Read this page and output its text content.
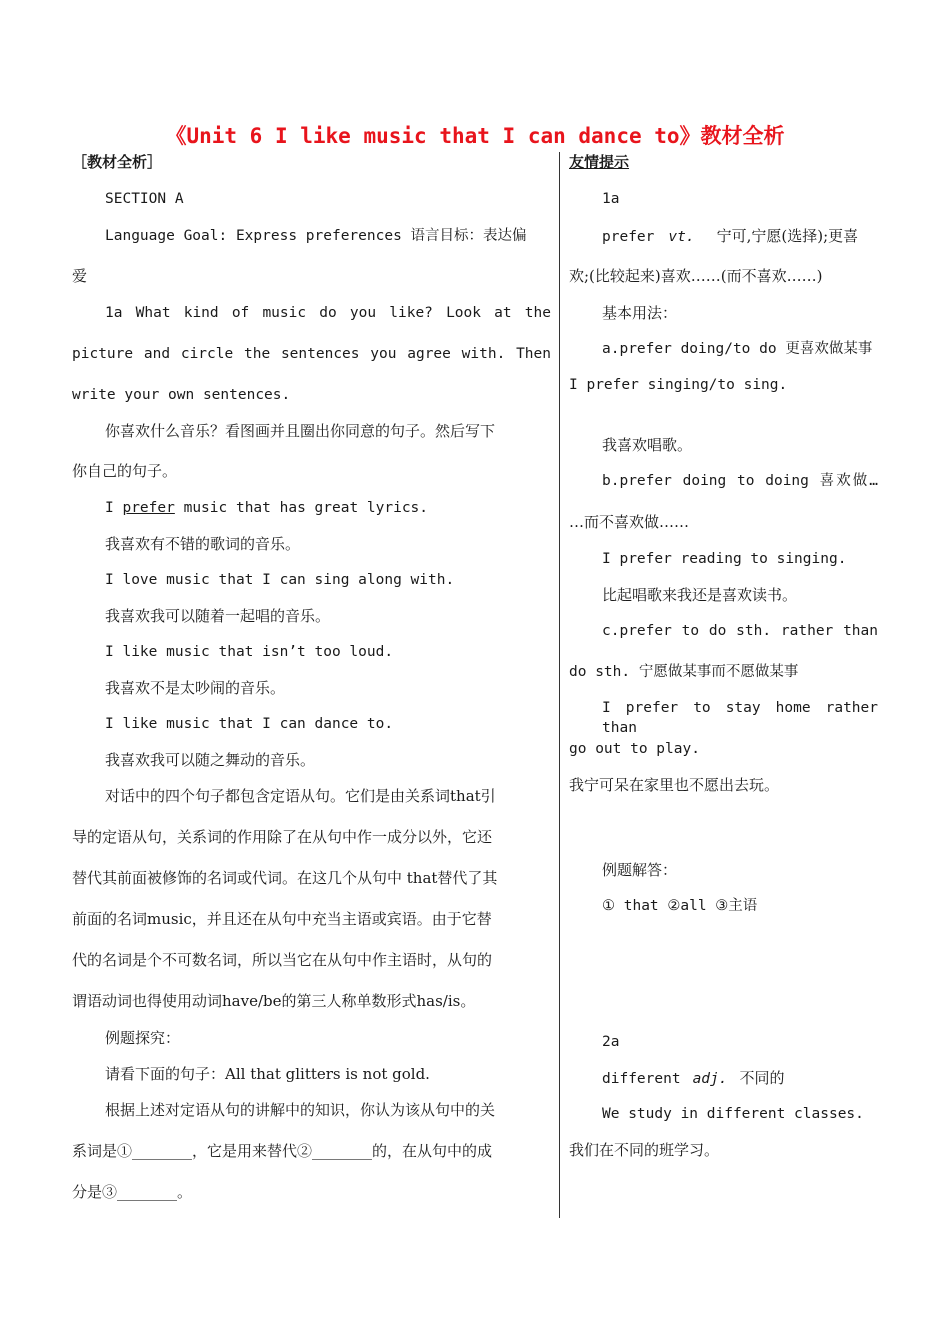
《Unit 6 I like music that I can dance to》教材全析
［教材全析］
SECTION A
Language Goal: Express preferences 语言目标：表达偏
爱
1a What kind of music do you like? Look at the
picture and circle the sentences you agree with. Then
write your own sentences.
你喜欢什么音乐？看图画并且圈出你同意的句子。然后写下
你自己的句子。
I prefer music that has great lyrics.
我喜欢有不错的歌词的音乐。
I love music that I can sing along with.
我喜欢我可以随着一起唱的音乐。
I like music that isn’t too loud.
我喜欢不是太吵闹的音乐。
I like music that I can dance to.
我喜欢我可以随之舞动的音乐。
对话中的四个句子都包含定语从句。它们是由关系词that引
导的定语从句，关系词的作用除了在从句中作一成分以外，它还
替代其前面被修饰的名词或代词。在这几个从句中 that替代了其
前面的名词music，并且还在从句中充当主语或宾语。由于它替
代的名词是个不可数名词，所以当它在从句中作主语时，从句的
谓语动词也得使用动词have/be的第三人称单数形式has/is。
例题探究：
请看下面的句子：All that glitters is not gold.
根据上述对定语从句的讲解中的知识，你认为该从句中的关
系词是①________，它是用来替代②________的，在从句中的成
分是③________。
友情提示
1a
prefer vt. 宁可,宁愿(选择);更喜
欢;(比较起来)喜欢……(而不喜欢……)
基本用法：
a.prefer doing/to do 更喜欢做某事
I prefer singing/to sing.
我喜欢唱歌。
b.prefer doing to doing 喜欢做…
…而不喜欢做……
I prefer reading to singing.
比起唱歌来我还是喜欢读书。
c.prefer to do sth. rather than
do sth. 宁愿做某事而不愿做某事
I prefer to stay home rather than
go out to play.
我宁可呆在家里也不愿出去玩。
例题解答：
① that ②all ③主语
2a
different adj. 不同的
We study in different classes.
我们在不同的班学习。
